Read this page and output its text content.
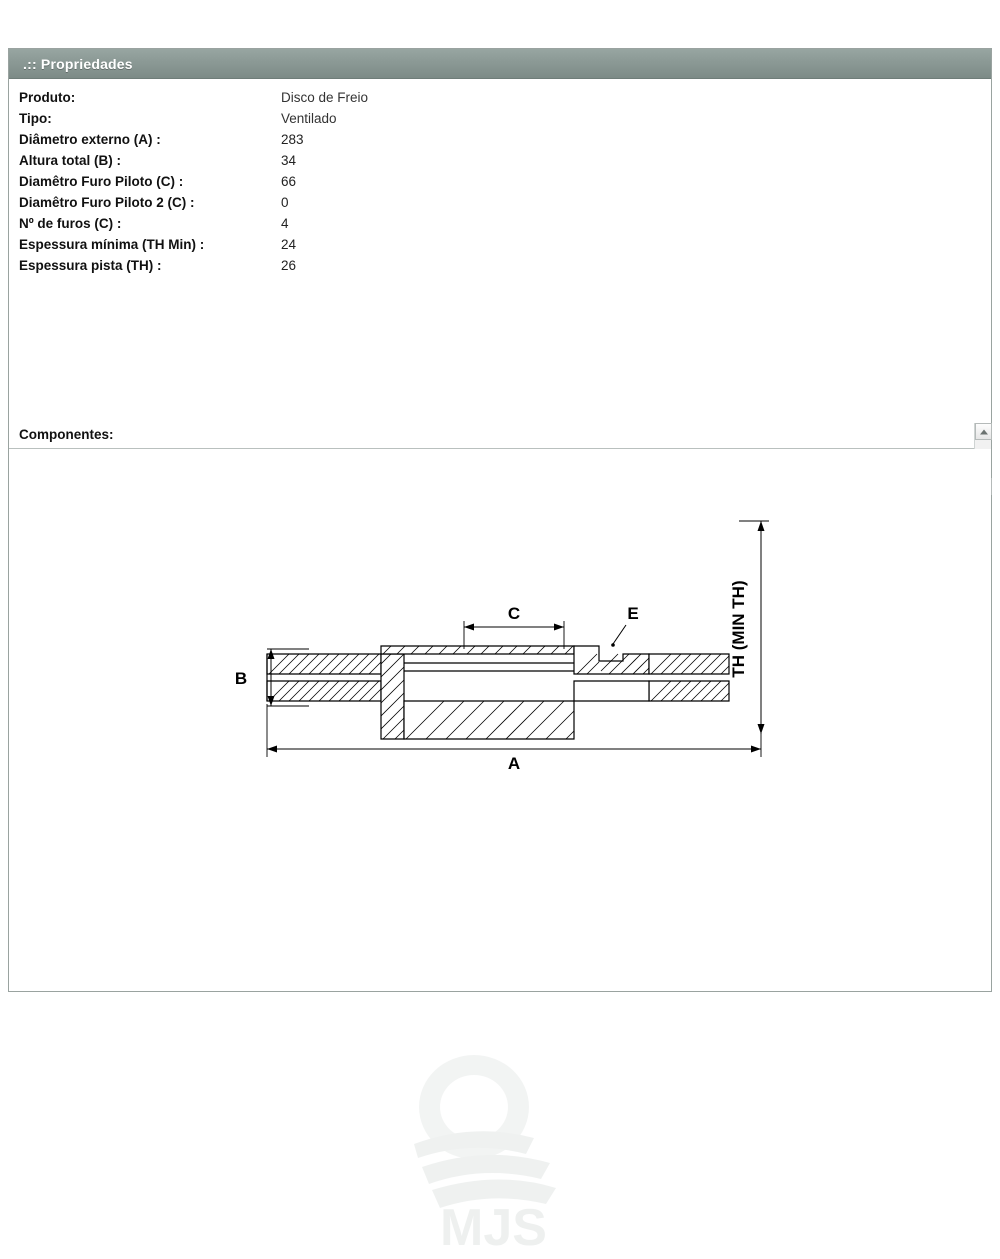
.:: Propriedades
Produto:	Disco de Freio
Tipo:	Ventilado
Diâmetro externo (A) :	283
Altura total (B) :	34
Diamêtro Furo Piloto (C) :	66
Diamêtro Furo Piloto 2 (C) :	0
Nº de furos (C) :	4
Espessura mínima (TH Min) :	24
Espessura pista (TH) :	26
Componentes:
MJS
B
C	E
A
TH (MIN TH)
